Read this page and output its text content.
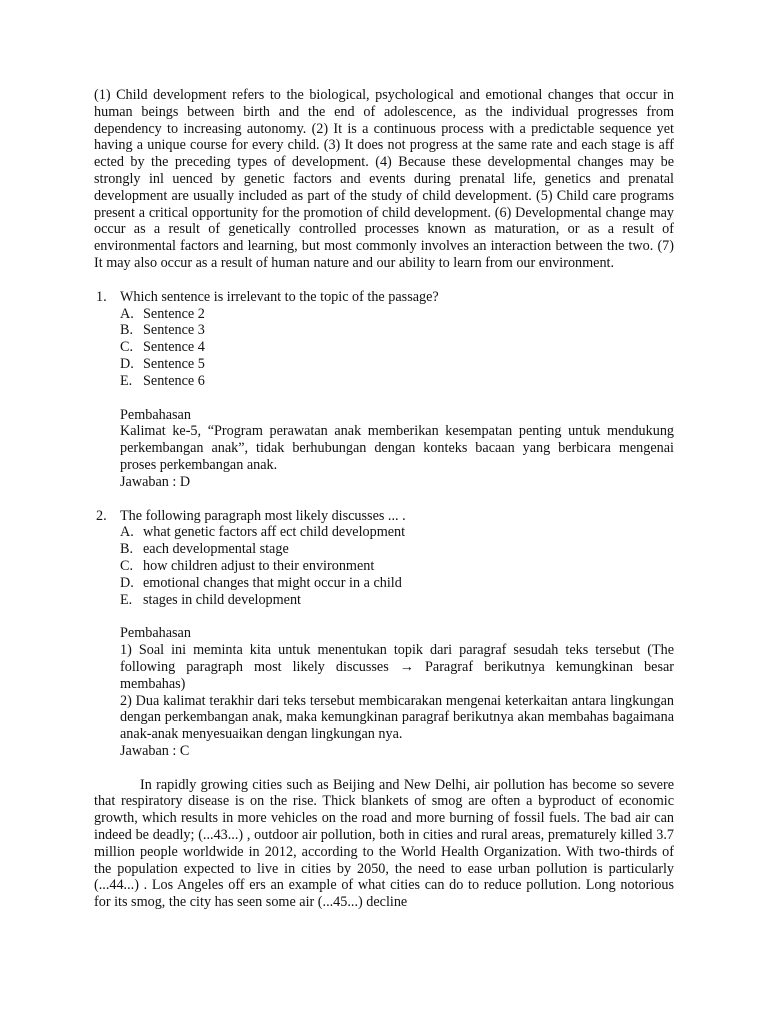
(1) Child development refers to the biological, psychological and emotional changes that occur in human beings between birth and the end of adolescence, as the individual progresses from dependency to increasing autonomy. (2) It is a continuous process with a predictable sequence yet having a unique course for every child. (3) It does not progress at the same rate and each stage is aff ected by the preceding types of development. (4) Because these developmental changes may be strongly inl uenced by genetic factors and events during prenatal life, genetics and prenatal development are usually included as part of the study of child development. (5) Child care programs present a critical opportunity for the promotion of child development. (6) Developmental change may occur as a result of genetically controlled processes known as maturation, or as a result of environmental factors and learning, but most commonly involves an interaction between the two. (7) It may also occur as a result of human nature and our ability to learn from our environment.

1. Which sentence is irrelevant to the topic of the passage?
A. Sentence 2
B. Sentence 3
C. Sentence 4
D. Sentence 5
E. Sentence 6
Pembahasan
Kalimat ke-5, “Program perawatan anak memberikan kesempatan penting untuk mendukung perkembangan anak”, tidak berhubungan dengan konteks bacaan yang berbicara mengenai proses perkembangan anak.
Jawaban : D
2. The following paragraph most likely discusses ... .
A. what genetic factors aff ect child development
B. each developmental stage
C. how children adjust to their environment
D. emotional changes that might occur in a child
E. stages in child development
Pembahasan
1) Soal ini meminta kita untuk menentukan topik dari paragraf sesudah teks tersebut (The following paragraph most likely discusses → Paragraf berikutnya kemungkinan besar membahas)
2) Dua kalimat terakhir dari teks tersebut membicarakan mengenai keterkaitan antara lingkungan dengan perkembangan anak, maka kemungkinan paragraf berikutnya akan membahas bagaimana anak-anak menyesuaikan dengan lingkungan nya.
Jawaban : C

In rapidly growing cities such as Beijing and New Delhi, air pollution has become so severe that respiratory disease is on the rise. Thick blankets of smog are often a byproduct of economic growth, which results in more vehicles on the road and more burning of fossil fuels. The bad air can indeed be deadly; (...43...) , outdoor air pollution, both in cities and rural areas, prematurely killed 3.7 million people worldwide in 2012, according to the World Health Organization. With two-thirds of the population expected to live in cities by 2050, the need to ease urban pollution is particularly (...44...) . Los Angeles off ers an example of what cities can do to reduce pollution. Long notorious for its smog, the city has seen some air (...45...) decline
